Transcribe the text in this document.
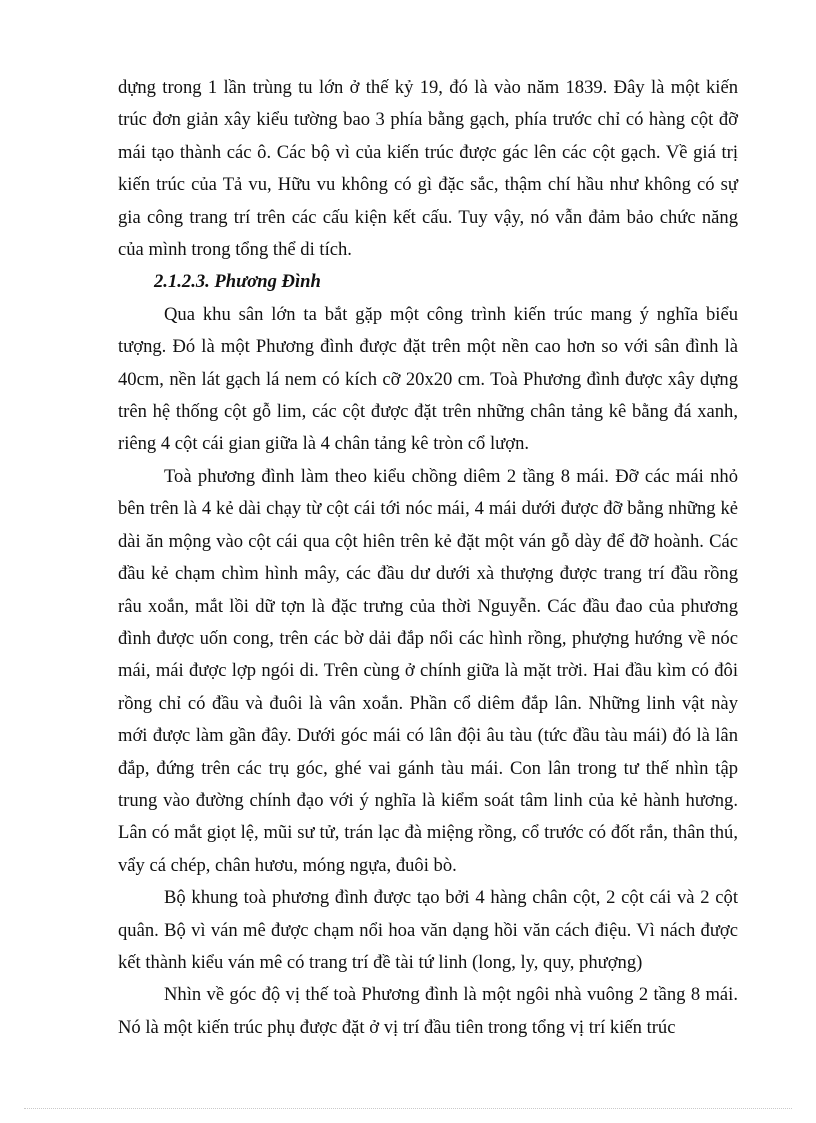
dựng trong 1 lần trùng tu lớn ở thế kỷ 19, đó là vào năm 1839. Đây là một kiến trúc đơn giản xây kiểu tường bao 3 phía bằng gạch, phía trước chỉ có hàng cột đỡ mái tạo thành các ô. Các bộ vì của kiến trúc được gác lên các cột gạch. Về giá trị kiến trúc của Tả vu, Hữu vu không có gì đặc sắc, thậm chí hầu như không có sự gia công trang trí trên các cấu kiện kết cấu. Tuy vậy, nó vẫn đảm bảo chức năng của mình trong tổng thể di tích.

2.1.2.3. Phương Đình

Qua khu sân lớn ta bắt gặp một công trình kiến trúc mang ý nghĩa biểu tượng. Đó là một Phương đình được đặt trên một nền cao hơn so với sân đình là 40cm, nền lát gạch lá nem có kích cỡ 20x20 cm. Toà Phương đình được xây dựng trên hệ thống cột gỗ lim, các cột được đặt trên những chân tảng kê bằng đá xanh, riêng 4 cột cái gian giữa là 4 chân tảng kê tròn cổ lượn.

Toà phương đình làm theo kiểu chồng diêm 2 tầng 8 mái. Đỡ các mái nhỏ bên trên là 4 kẻ dài chạy từ cột cái tới nóc mái, 4 mái dưới được đỡ bằng những kẻ dài ăn mộng vào cột cái qua cột hiên trên kẻ đặt một ván gỗ dày để đỡ hoành. Các đầu kẻ chạm chìm hình mây, các đầu dư dưới xà thượng được trang trí đầu rồng râu xoắn, mắt lồi dữ tợn là đặc trưng của thời Nguyễn. Các đầu đao của phương đình được uốn cong, trên các bờ dải đắp nổi các hình rồng, phượng hướng về nóc mái, mái được lợp ngói di. Trên cùng ở chính giữa là mặt trời. Hai đầu kìm có đôi rồng chỉ có đầu và đuôi là vân xoắn. Phần cổ diêm đắp lân. Những linh vật này mới được làm gần đây. Dưới góc mái có lân đội âu tàu (tức đầu tàu mái) đó là lân đắp, đứng trên các trụ góc, ghé vai gánh tàu mái. Con lân trong tư thế nhìn tập trung vào đường chính đạo với ý nghĩa là kiểm soát tâm linh của kẻ hành hương. Lân có mắt giọt lệ, mũi sư tử, trán lạc đà miệng rồng, cổ trước có đốt rắn, thân thú, vẩy cá chép, chân hươu, móng ngựa, đuôi bò.

Bộ khung toà phương đình được tạo bởi 4 hàng chân cột, 2 cột cái và 2 cột quân. Bộ vì ván mê được chạm nổi hoa văn dạng hồi văn cách điệu. Vì nách được kết thành kiểu ván mê có trang trí đề tài tứ linh (long, ly, quy, phượng)

Nhìn về góc độ vị thế toà Phương đình là một ngôi nhà vuông 2 tầng 8 mái. Nó là một kiến trúc phụ được đặt ở vị trí đầu tiên trong tổng vị trí kiến trúc
